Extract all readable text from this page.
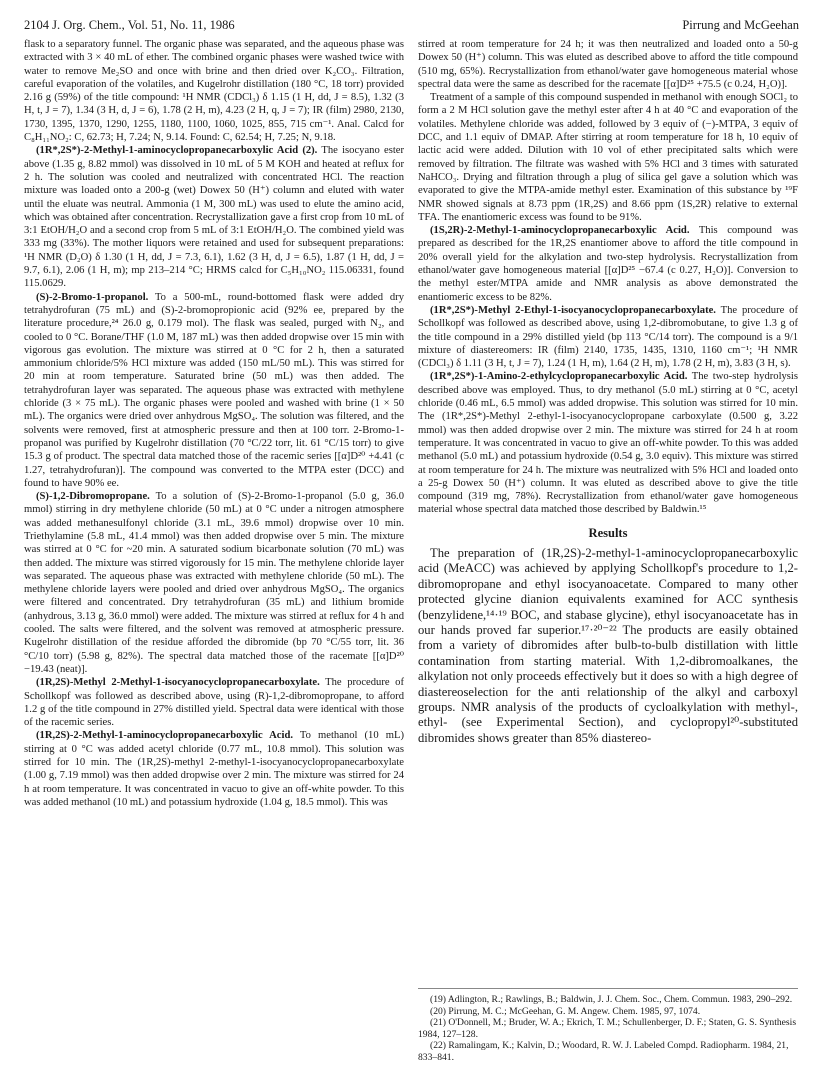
2104 J. Org. Chem., Vol. 51, No. 11, 1986	Pirrung and McGeehan

flask to a separatory funnel. The organic phase was separated, and the aqueous phase was extracted with 3 × 40 mL of ether. The combined organic phases were washed twice with water to remove Me₂SO and once with brine and then dried over K₂CO₃. Filtration, careful evaporation of the volatiles, and Kugelrohr distillation (180 °C, 18 torr) provided 2.16 g (59%) of the title compound: ¹H NMR (CDCl₃) δ 1.15 (1 H, dd, J = 8.5), 1.32 (3 H, t, J = 7), 1.34 (3 H, d, J = 6), 1.78 (2 H, m), 4.23 (2 H, q, J = 7); IR (film) 2980, 2130, 1730, 1395, 1370, 1290, 1255, 1180, 1100, 1060, 1025, 855, 715 cm⁻¹. Anal. Calcd for C₈H₁₁NO₂: C, 62.73; H, 7.24; N, 9.14. Found: C, 62.54; H, 7.25; N, 9.18.

(1R*,2S*)-2-Methyl-1-aminocyclopropanecarboxylic Acid (2). The isocyano ester above (1.35 g, 8.82 mmol) was dissolved in 10 mL of 5 M KOH and heated at reflux for 2 h. The solution was cooled and neutralized with concentrated HCl. The reaction mixture was loaded onto a 200-g (wet) Dowex 50 (H⁺) column and eluted with water until the eluate was neutral. Ammonia (1 M, 300 mL) was used to elute the amino acid, which was obtained after concentration. Recrystallization gave a first crop from 10 mL of 3:1 EtOH/H₂O and a second crop from 5 mL of 3:1 EtOH/H₂O. The combined yield was 333 mg (33%). The mother liquors were retained and used for subsequent preparations: ¹H NMR (D₂O) δ 1.30 (1 H, dd, J = 7.3, 6.1), 1.62 (3 H, d, J = 6.5), 1.87 (1 H, dd, J = 9.7, 6.1), 2.06 (1 H, m); mp 213–214 °C; HRMS calcd for C₅H₁₀NO₂ 115.06331, found 115.0629.

(S)-2-Bromo-1-propanol. To a 500-mL, round-bottomed flask were added dry tetrahydrofuran (75 mL) and (S)-2-bromopropionic acid (92% ee, prepared by the literature procedure,²⁴ 26.0 g, 0.179 mol). The flask was sealed, purged with N₂, and cooled to 0 °C. Borane/THF (1.0 M, 187 mL) was then added dropwise over 15 min with vigorous gas evolution. The mixture was stirred at 0 °C for 2 h, then a saturated ammonium chloride/5% HCl mixture was added (150 mL/50 mL). This was stirred for 20 min at room temperature. Saturated brine (50 mL) was then added. The tetrahydrofuran layer was separated. The aqueous phase was extracted with methylene chloride (3 × 75 mL). The organic phases were pooled and washed with brine (1 × 50 mL). The organics were dried over anhydrous MgSO₄. The solution was filtered, and the solvents were removed, first at atmospheric pressure and then at 100 torr. 2-Bromo-1-propanol was purified by Kugelrohr distillation (70 °C/22 torr, lit. 61 °C/15 torr) to give 15.3 g of product. The spectral data matched those of the racemic series [[α]D²⁰ +4.41 (c 1.27, tetrahydrofuran)]. The compound was converted to the MTPA ester (DCC) and found to have 90% ee.

(S)-1,2-Dibromopropane. To a solution of (S)-2-Bromo-1-propanol (5.0 g, 36.0 mmol) stirring in dry methylene chloride (50 mL) at 0 °C under a nitrogen atmosphere was added methanesulfonyl chloride (3.1 mL, 39.6 mmol) dropwise over 10 min. Triethylamine (5.8 mL, 41.4 mmol) was then added dropwise over 5 min. The mixture was stirred at 0 °C for ~20 min. A saturated sodium bicarbonate solution (70 mL) was then added. The mixture was stirred vigorously for 15 min. The methylene chloride layer was separated. The aqueous phase was extracted with methylene chloride (50 mL). The methylene chloride layers were pooled and dried over anhydrous MgSO₄. The organics were filtered and concentrated. Dry tetrahydrofuran (35 mL) and lithium bromide (anhydrous, 3.13 g, 36.0 mmol) were added. The mixture was stirred at reflux for 4 h and cooled. The salts were filtered, and the solvent was removed at atmospheric pressure. Kugelrohr distillation of the residue afforded the dibromide (bp 70 °C/55 torr, lit. 36 °C/10 torr) (5.98 g, 82%). The spectral data matched those of the racemate [[α]D²⁰ −19.43 (neat)].

(1R,2S)-Methyl 2-Methyl-1-isocyanocyclopropanecarboxylate. The procedure of Schollkopf was followed as described above, using (R)-1,2-dibromopropane, to afford 1.2 g of the title compound in 27% distilled yield. Spectral data were identical with those of the racemic series.

(1R,2S)-2-Methyl-1-aminocyclopropanecarboxylic Acid. To methanol (10 mL) stirring at 0 °C was added acetyl chloride (0.77 mL, 10.8 mmol). This solution was stirred for 10 min. The (1R,2S)-methyl 2-methyl-1-isocyanocyclopropanecarboxylate (1.00 g, 7.19 mmol) was then added dropwise over 2 min. The mixture was stirred for 24 h at room temperature. It was concentrated in vacuo to give an off-white powder. To this was added methanol (10 mL) and potassium hydroxide (1.04 g, 18.5 mmol). This was

stirred at room temperature for 24 h; it was then neutralized and loaded onto a 50-g Dowex 50 (H⁺) column. This was eluted as described above to afford the title compound (510 mg, 65%). Recrystallization from ethanol/water gave homogeneous material whose spectral data were the same as described for the racemate [[α]D²⁵ +75.5 (c 0.24, H₂O)].

Treatment of a sample of this compound suspended in methanol with enough SOCl₂ to form a 2 M HCl solution gave the methyl ester after 4 h at 40 °C and evaporation of the volatiles. Methylene chloride was added, followed by 3 equiv of (−)-MTPA, 3 equiv of DCC, and 1.1 equiv of DMAP. After stirring at room temperature for 18 h, 10 equiv of lactic acid were added. Dilution with 10 vol of ether precipitated salts which were removed by filtration. The filtrate was washed with 5% HCl and 3 times with saturated NaHCO₃. Drying and filtration through a plug of silica gel gave a solution which was evaporated to give the MTPA-amide methyl ester. Examination of this substance by ¹⁹F NMR showed signals at 8.73 ppm (1R,2S) and 8.66 ppm (1S,2R) relative to external TFA. The enantiomeric excess was found to be 91%.

(1S,2R)-2-Methyl-1-aminocyclopropanecarboxylic Acid. This compound was prepared as described for the 1R,2S enantiomer above to afford the title compound in 20% overall yield for the alkylation and two-step hydrolysis. Recrystallization from ethanol/water gave homogeneous material [[α]D²⁵ −67.4 (c 0.27, H₂O)]. Conversion to the methyl ester/MTPA amide and NMR analysis as above demonstrated the enantiomeric excess to be 82%.

(1R*,2S*)-Methyl 2-Ethyl-1-isocyanocyclopropanecarboxylate. The procedure of Schollkopf was followed as described above, using 1,2-dibromobutane, to give 1.3 g of the title compound in a 29% distilled yield (bp 113 °C/14 torr). The compound is a 9/1 mixture of diastereomers: IR (film) 2140, 1735, 1435, 1310, 1160 cm⁻¹; ¹H NMR (CDCl₃) δ 1.11 (3 H, t, J = 7), 1.24 (1 H, m), 1.64 (2 H, m), 1.78 (2 H, m), 3.83 (3 H, s).

(1R*,2S*)-1-Amino-2-ethylcyclopropanecarboxylic Acid. The two-step hydrolysis described above was employed. Thus, to dry methanol (5.0 mL) stirring at 0 °C, acetyl chloride (0.46 mL, 6.5 mmol) was added dropwise. This solution was stirred for 10 min. The (1R*,2S*)-Methyl 2-ethyl-1-isocyanocyclopropane carboxylate (0.500 g, 3.22 mmol) was then added dropwise over 2 min. The mixture was stirred for 24 h at room temperature. It was concentrated in vacuo to give an off-white powder. To this was added methanol (5.0 mL) and potassium hydroxide (0.54 g, 3.0 equiv). This mixture was stirred at room temperature for 24 h. The mixture was neutralized with 5% HCl and loaded onto a 25-g Dowex 50 (H⁺) column. It was eluted as described above to give the title compound (319 mg, 78%). Recrystallization from ethanol/water gave homogeneous material whose spectral data matched those described by Baldwin.¹⁵

Results

The preparation of (1R,2S)-2-methyl-1-aminocyclopropanecarboxylic acid (MeACC) was achieved by applying Schollkopf's procedure to 1,2-dibromopropane and ethyl isocyanoacetate. Compared to many other protected glycine dianion equivalents examined for ACC synthesis (benzylidene,¹⁴·¹⁹ BOC, and stabase glycine), ethyl isocyanoacetate has in our hands proved far superior.¹⁷·²⁰⁻²² The products are easily obtained from a variety of dibromides after bulb-to-bulb distillation with little contamination from starting material. With 1,2-dibromoalkanes, the alkylation not only proceeds effectively but it does so with a high degree of diastereoselection for the anti relationship of the alkyl and carboxyl groups. NMR analysis of the products of cycloalkylation with methyl-, ethyl- (see Experimental Section), and cyclopropyl²⁰-substituted dibromides shows greater than 85% diastereo-

(19) Adlington, R.; Rawlings, B.; Baldwin, J. J. Chem. Soc., Chem. Commun. 1983, 290–292.
(20) Pirrung, M. C.; McGeehan, G. M. Angew. Chem. 1985, 97, 1074.
(21) O'Donnell, M.; Bruder, W. A.; Ekrich, T. M.; Schullenberger, D. F.; Staten, G. S. Synthesis 1984, 127–128.
(22) Ramalingam, K.; Kalvin, D.; Woodard, R. W. J. Labeled Compd. Radiopharm. 1984, 21, 833–841.
